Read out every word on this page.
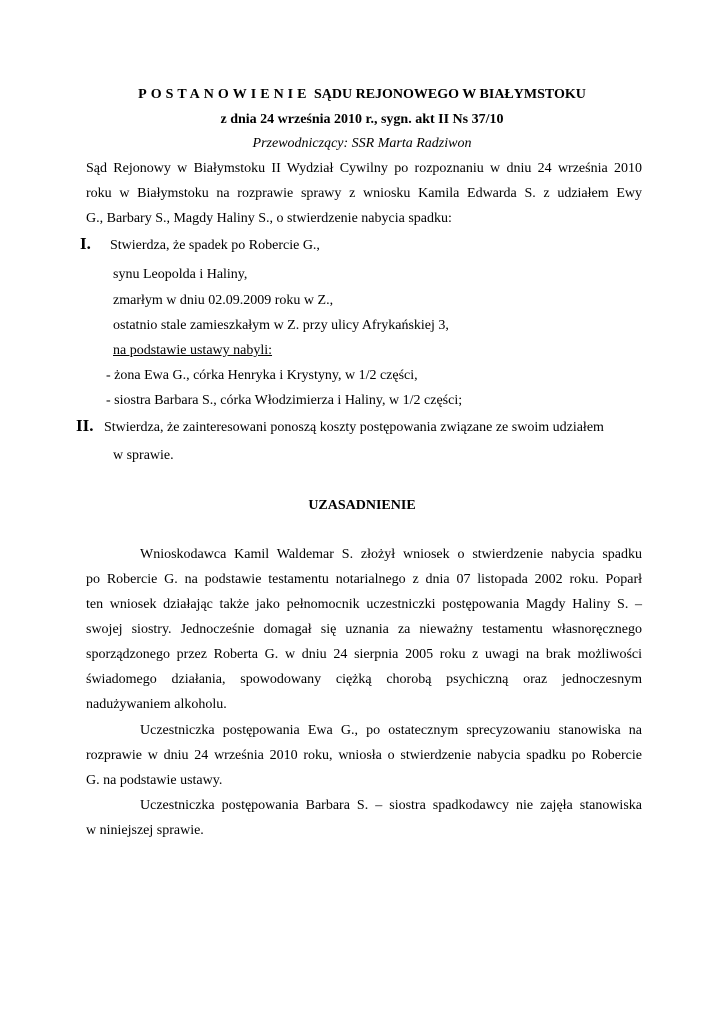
POSTANOWIENIE SĄDU REJONOWEGO W BIAŁYMSTOKU
z dnia 24 września 2010 r., sygn. akt II Ns 37/10
Przewodniczący: SSR Marta Radziwon
Sąd Rejonowy w Białymstoku II Wydział Cywilny po rozpoznaniu w dniu 24 września 2010
roku w Białymstoku na rozprawie sprawy z wniosku Kamila Edwarda S. z udziałem Ewy
G., Barbary S., Magdy Haliny S., o stwierdzenie nabycia spadku:
I. Stwierdza, że spadek po Robercie G.,
synu Leopolda i Haliny,
zmarłym w dniu 02.09.2009 roku w Z.,
ostatnio stale zamieszkałym w Z. przy ulicy Afrykańskiej 3,
na podstawie ustawy nabyli:
- żona Ewa G., córka Henryka i Krystyny, w 1/2 części,
- siostra Barbara S., córka Włodzimierza i Haliny, w 1/2 części;
II. Stwierdza, że zainteresowani ponoszą koszty postępowania związane ze swoim udziałem
w sprawie.
UZASADNIENIE
Wnioskodawca Kamil Waldemar S. złożył wniosek o stwierdzenie nabycia spadku
po Robercie G. na podstawie testamentu notarialnego z dnia 07 listopada 2002 roku. Poparł
ten wniosek działając także jako pełnomocnik uczestniczki postępowania Magdy Haliny S. –
swojej siostry. Jednocześnie domagał się uznania za nieważny testamentu własnoręcznego
sporządzonego przez Roberta G. w dniu 24 sierpnia 2005 roku z uwagi na brak możliwości
świadomego działania, spowodowany ciężką chorobą psychiczną oraz jednoczesnym
nadużywaniem alkoholu.
Uczestniczka postępowania Ewa G., po ostatecznym sprecyzowaniu stanowiska na
rozprawie w dniu 24 września 2010 roku, wniosła o stwierdzenie nabycia spadku po Robercie
G. na podstawie ustawy.
Uczestniczka postępowania Barbara S. – siostra spadkodawcy nie zajęła stanowiska
w niniejszej sprawie.
